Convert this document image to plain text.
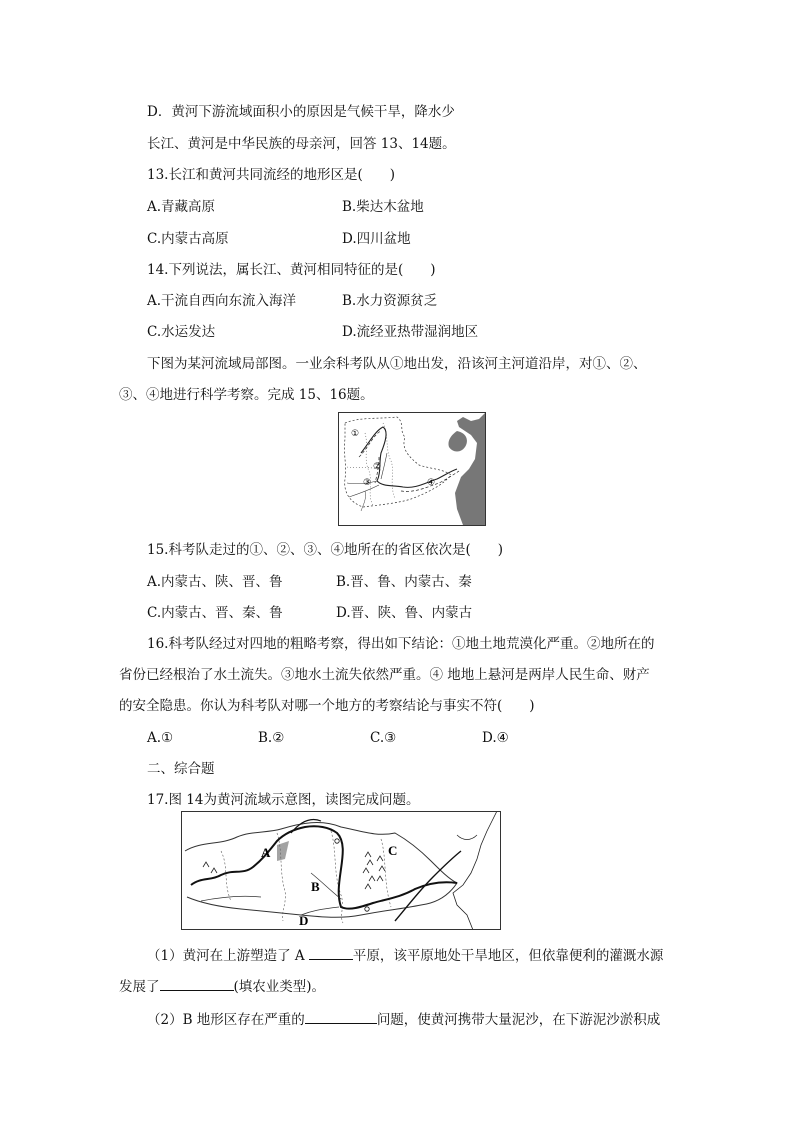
D．黄河下游流域面积小的原因是气候干旱，降水少
长江、黄河是中华民族的母亲河，回答 13、14题。
13.长江和黄河共同流经的地形区是(　　)
A.青藏高原	B.柴达木盆地
C.内蒙古高原	D.四川盆地
14.下列说法，属长江、黄河相同特征的是(　　)
A.干流自西向东流入海洋	B.水力资源贫乏
C.水运发达	D.流经亚热带湿润地区
下图为某河流域局部图。一业余科考队从①地出发，沿该河主河道沿岸，对①、②、
③、④地进行科学考察。完成 15、16题。
①
②
③	④
15.科考队走过的①、②、③、④地所在的省区依次是(　　)
A.内蒙古、陕、晋、鲁	B.晋、鲁、内蒙古、秦
C.内蒙古、晋、秦、鲁	D.晋、陕、鲁、内蒙古
16.科考队经过对四地的粗略考察，得出如下结论：①地土地荒漠化严重。②地所在的
省份已经根治了水土流失。③地水土流失依然严重。④ 地地上悬河是两岸人民生命、财产
的安全隐患。你认为科考队对哪一个地方的考察结论与事实不符(　　)
A.①	B.②	C.③	D.④
二、综合题
17.图 14为黄河流域示意图，读图完成问题。
A
B
C
D
（1）黄河在上游塑造了 A	平原，该平原地处干旱地区，但依靠便利的灌溉水源
发展了	(填农业类型)。
（2）B 地形区存在严重的	问题，使黄河携带大量泥沙，在下游泥沙淤积成
